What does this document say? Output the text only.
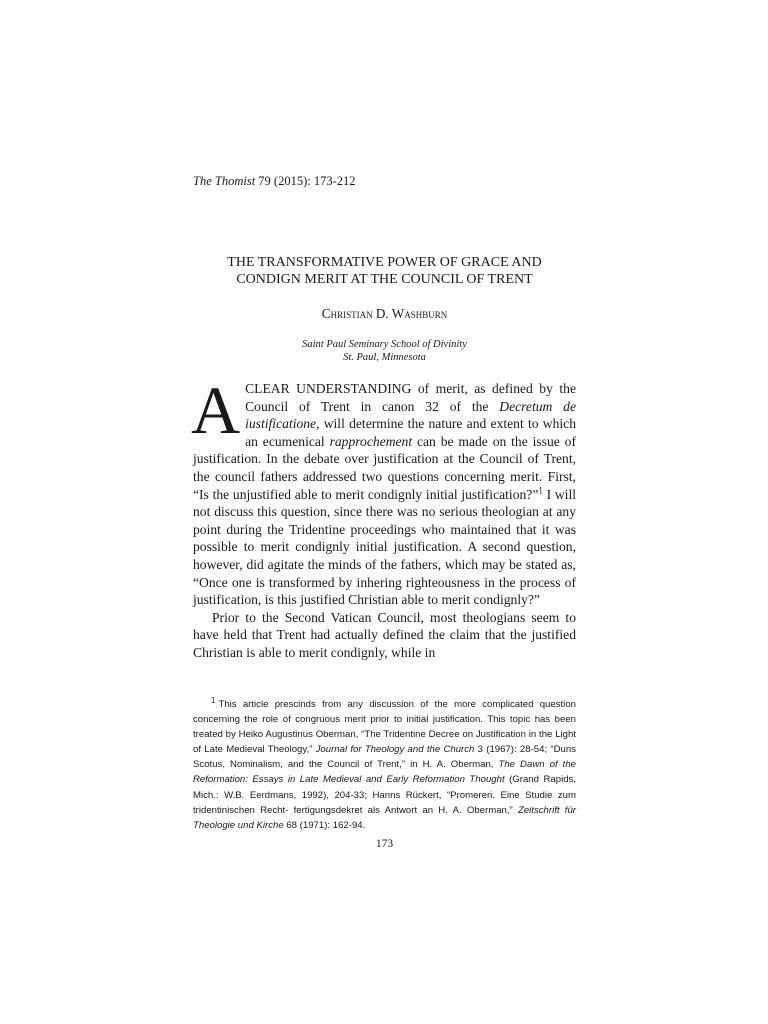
The Thomist 79 (2015): 173-212
THE TRANSFORMATIVE POWER OF GRACE AND
CONDIGN MERIT AT THE COUNCIL OF TRENT
Christian D. Washburn
Saint Paul Seminary School of Divinity
St. Paul, Minnesota

ACLEAR UNDERSTANDING of merit, as defined by the Council of Trent in canon 32 of the Decretum de iustificatione, will determine the nature and extent to which an ecumenical rapprochement can be made on the issue of justification. In the debate over justification at the Council of Trent, the council fathers addressed two questions concerning merit. First, “Is the unjustified able to merit condignly initial justification?”$^1$ I will not discuss this question, since there was no serious theologian at any point during the Tridentine proceedings who maintained that it was possible to merit condignly initial justification. A second question, however, did agitate the minds of the fathers, which may be stated as, “Once one is transformed by inhering righteousness in the process of justification, is this justified Christian able to merit condignly?”

Prior to the Second Vatican Council, most theologians seem to have held that Trent had actually defined the claim that the justified Christian is able to merit condignly, while in

$^1$ This article prescinds from any discussion of the more complicated question concerning the role of congruous merit prior to initial justification. This topic has been treated by Heiko Augustinus Oberman, “The Tridentine Decree on Justification in the Light of Late Medieval Theology,” Journal for Theology and the Church 3 (1967): 28-54; “Duns Scotus, Nominalism, and the Council of Trent,” in H. A. Oberman, The Dawn of the Reformation: Essays in Late Medieval and Early Reformation Thought (Grand Rapids, Mich.: W.B. Eerdmans, 1992), 204-33; Hanns Rückert, “Promereri. Eine Studie zum tridentinischen Recht- fertigungsdekret als Antwort an H. A. Oberman,” Zeitschrift für Theologie und Kirche 68 (1971): 162-94.
173
